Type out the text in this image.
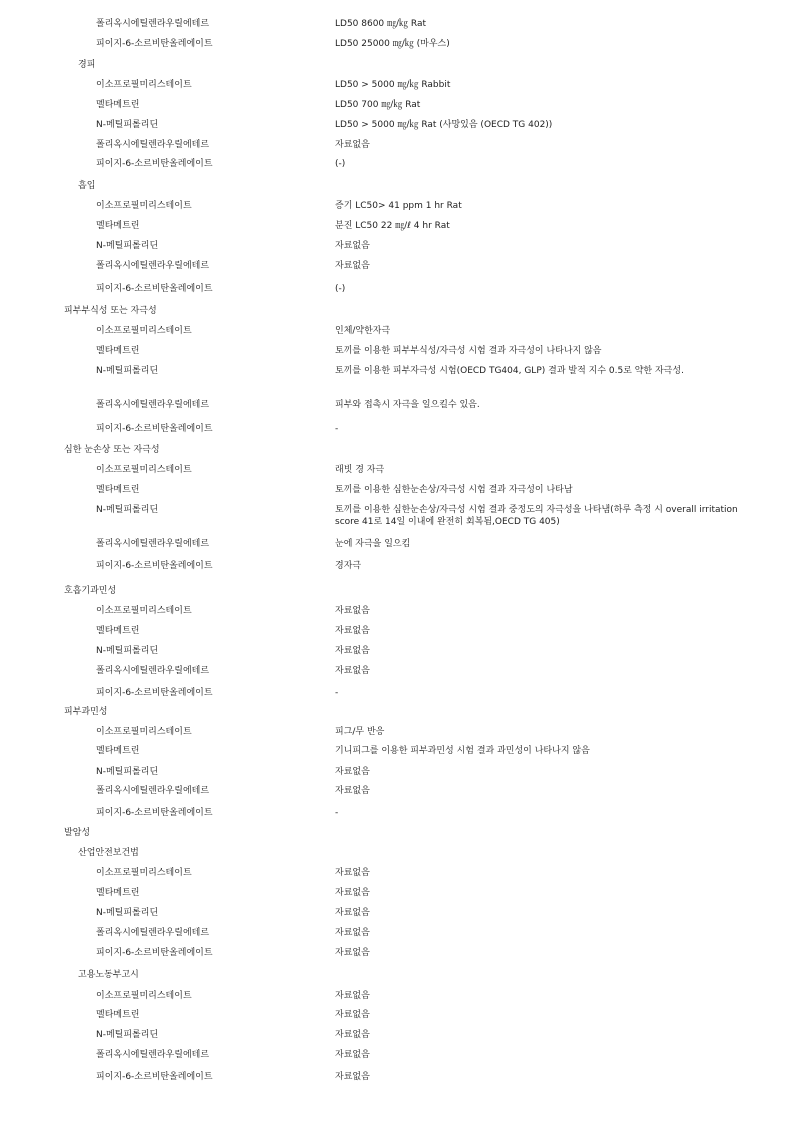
폴리옥시에틸렌라우릴에테르	LD50 8600 ㎎/㎏ Rat
피이지-6-소르비탄올레에이트	LD50 25000 ㎎/㎏ (마우스)
경피
이소프로필미리스테이트	LD50 > 5000 ㎎/㎏ Rabbit
멜타메트린	LD50 700 ㎎/㎏ Rat
N-메틸피롤리딘	LD50 > 5000 ㎎/㎏ Rat (사망있음 (OECD TG 402))
폴리옥시에틸렌라우릴에테르	자료없음
피이지-6-소르비탄올레에이트	(-)
흡입
이소프로필미리스테이트	증기 LC50> 41 ppm 1 hr Rat
멜타메트린	분진 LC50 22 ㎎/ℓ 4 hr Rat
N-메틸피롤리딘	자료없음
폴리옥시에틸렌라우릴에테르	자료없음
피이지-6-소르비탄올레에이트	(-)
피부부식성 또는 자극성
이소프로필미리스테이트	인체/약한자극
멜타메트린	토끼를 이용한 피부부식성/자극성 시험 결과 자극성이 나타나지 않음
N-메틸피롤리딘	토끼를 이용한 피부자극성 시험(OECD TG404, GLP) 결과 발적 지수 0.5로 약한 자극성.
폴리옥시에틸렌라우릴에테르	피부와 접촉시 자극을 일으킬수 있음.
피이지-6-소르비탄올레에이트	-
심한 눈손상 또는 자극성
이소프로필미리스테이트	래빗 경 자극
멜타메트린	토끼를 이용한 심한눈손상/자극성 시험 결과 자극성이 나타남
N-메틸피롤리딘	토끼를 이용한 심한눈손상/자극성 시험 결과 중정도의 자극성을 나타냄(하루 측정 시 overall irritation score 41로 14일 이내에 완전히 회복됨,OECD TG 405)
폴리옥시에틸렌라우릴에테르	눈에 자극을 일으킴
피이지-6-소르비탄올레에이트	경자극
호흡기과민성
이소프로필미리스테이트	자료없음
멜타메트린	자료없음
N-메틸피롤리딘	자료없음
폴리옥시에틸렌라우릴에테르	자료없음
피이지-6-소르비탄올레에이트	-
피부과민성
이소프로필미리스테이트	피그/무 반응
멜타메트린	기니피그를 이용한 피부과민성 시험 결과 과민성이 나타나지 않음
N-메틸피롤리딘	자료없음
폴리옥시에틸렌라우릴에테르	자료없음
피이지-6-소르비탄올레에이트	-
발암성
산업안전보건법
이소프로필미리스테이트	자료없음
멜타메트린	자료없음
N-메틸피롤리딘	자료없음
폴리옥시에틸렌라우릴에테르	자료없음
피이지-6-소르비탄올레에이트	자료없음
고용노동부고시
이소프로필미리스테이트	자료없음
멜타메트린	자료없음
N-메틸피롤리딘	자료없음
폴리옥시에틸렌라우릴에테르	자료없음
피이지-6-소르비탄올레에이트	자료없음
